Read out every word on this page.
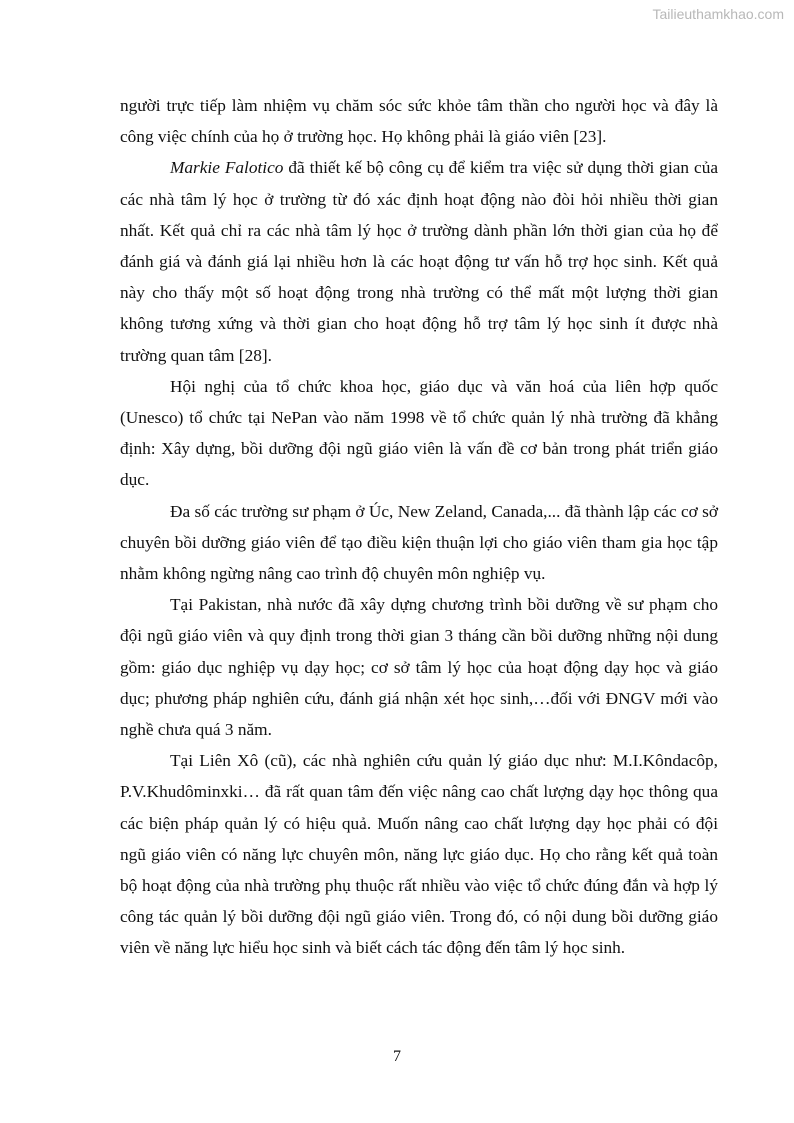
Tailieuthamkhao.com

người trực tiếp làm nhiệm vụ chăm sóc sức khỏe tâm thần cho người học và đây là công việc chính của họ ở trường học. Họ không phải là giáo viên [23].

Markie Falotico đã thiết kế bộ công cụ để kiểm tra việc sử dụng thời gian của các nhà tâm lý học ở trường từ đó xác định hoạt động nào đòi hỏi nhiều thời gian nhất. Kết quả chỉ ra các nhà tâm lý học ở trường dành phần lớn thời gian của họ để đánh giá và đánh giá lại nhiều hơn là các hoạt động tư vấn hỗ trợ học sinh. Kết quả này cho thấy một số hoạt động trong nhà trường có thể mất một lượng thời gian không tương xứng và thời gian cho hoạt động hỗ trợ tâm lý học sinh ít được nhà trường quan tâm [28].

Hội nghị của tổ chức khoa học, giáo dục và văn hoá của liên hợp quốc (Unesco) tổ chức tại NePan vào năm 1998 về tổ chức quản lý nhà trường đã khẳng định: Xây dựng, bồi dưỡng đội ngũ giáo viên là vấn đề cơ bản trong phát triển giáo dục.

Đa số các trường sư phạm ở Úc, New Zeland, Canada,... đã thành lập các cơ sở chuyên bồi dưỡng giáo viên để tạo điều kiện thuận lợi cho giáo viên tham gia học tập nhằm không ngừng nâng cao trình độ chuyên môn nghiệp vụ.

Tại Pakistan, nhà nước đã xây dựng chương trình bồi dưỡng về sư phạm cho đội ngũ giáo viên và quy định trong thời gian 3 tháng cần bồi dưỡng những nội dung gồm: giáo dục nghiệp vụ dạy học; cơ sở tâm lý học của hoạt động dạy học và giáo dục; phương pháp nghiên cứu, đánh giá nhận xét học sinh,…đối với ĐNGV mới vào nghề chưa quá 3 năm.

Tại Liên Xô (cũ), các nhà nghiên cứu quản lý giáo dục như: M.I.Kôndacôp, P.V.Khudôminxki… đã rất quan tâm đến việc nâng cao chất lượng dạy học thông qua các biện pháp quản lý có hiệu quả. Muốn nâng cao chất lượng dạy học phải có đội ngũ giáo viên có năng lực chuyên môn, năng lực giáo dục. Họ cho rằng kết quả toàn bộ hoạt động của nhà trường phụ thuộc rất nhiều vào việc tổ chức đúng đắn và hợp lý công tác quản lý bồi dưỡng đội ngũ giáo viên. Trong đó, có nội dung bồi dưỡng giáo viên về năng lực hiểu học sinh và biết cách tác động đến tâm lý học sinh.

7
